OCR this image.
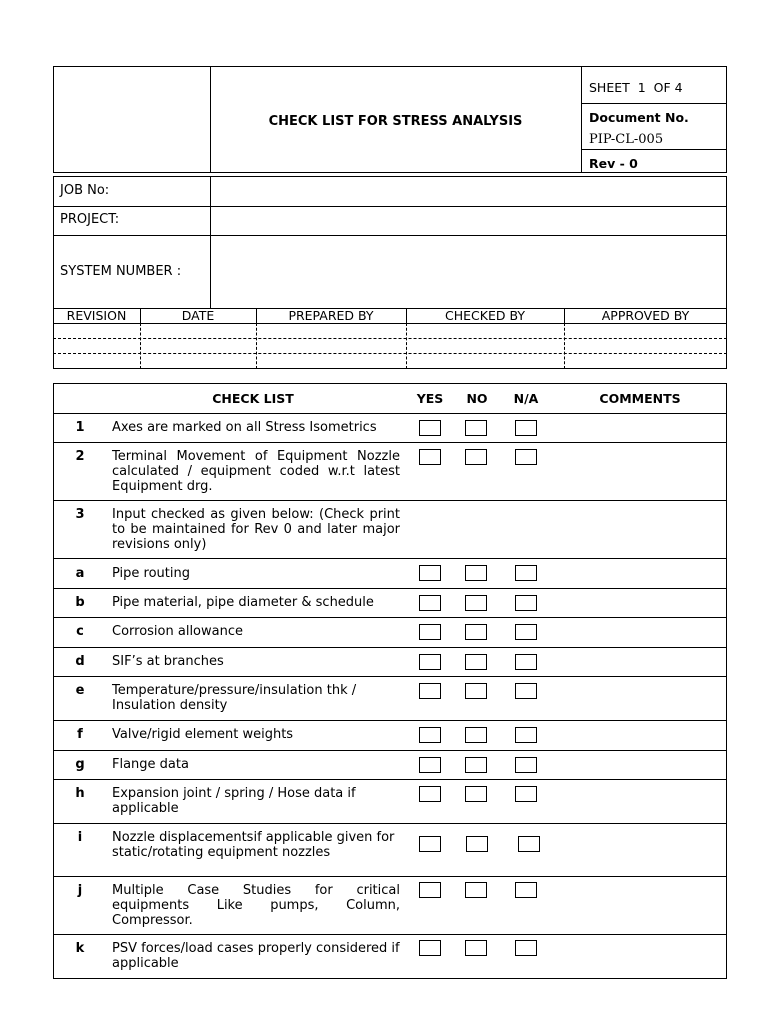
CHECK LIST FOR STRESS ANALYSIS
SHEET  1  OF 4
Document No.
PIP-CL-005
Rev - 0
JOB No:
PROJECT:
SYSTEM NUMBER :
REVISION	DATE	PREPARED BY	CHECKED BY	APPROVED BY
CHECK LIST	YES	NO	N/A	COMMENTS
1	Axes are marked on all Stress Isometrics
2	Terminal Movement of Equipment Nozzle calculated / equipment coded w.r.t latest Equipment drg.
3	Input checked as given below: (Check print to be maintained for Rev 0 and later major revisions only)
a	Pipe routing
b	Pipe material, pipe diameter & schedule
c	Corrosion allowance
d	SIF’s at branches
e	Temperature/pressure/insulation thk / Insulation density
f	Valve/rigid element weights
g	Flange data
h	Expansion joint / spring / Hose data if applicable
i	Nozzle displacementsif applicable given for static/rotating equipment nozzles
j	Multiple Case Studies for critical equipments Like pumps, Column, Compressor.
k	PSV forces/load cases properly considered if applicable
